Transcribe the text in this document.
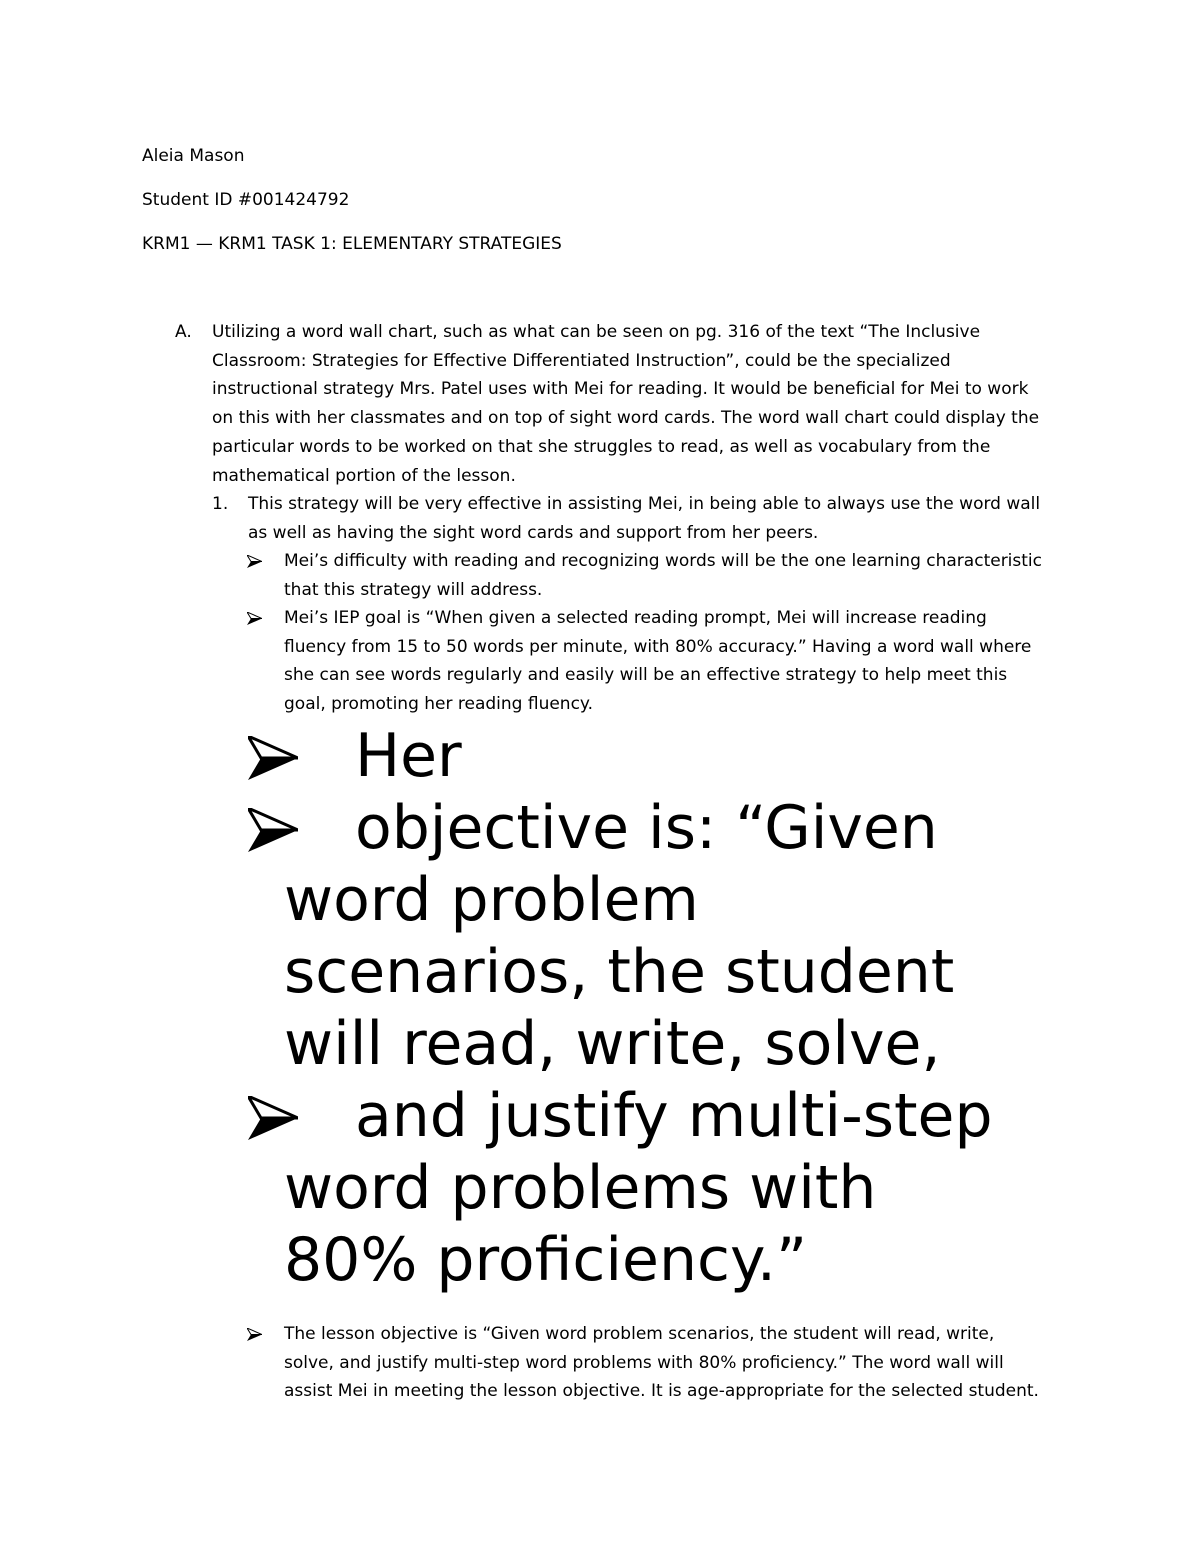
Aleia Mason
Student ID #001424792
KRM1 — KRM1 TASK 1: ELEMENTARY STRATEGIES
A. Utilizing a word wall chart, such as what can be seen on pg. 316 of the text “The Inclusive
Classroom: Strategies for Effective Differentiated Instruction”, could be the specialized
instructional strategy Mrs. Patel uses with Mei for reading. It would be beneficial for Mei to work
on this with her classmates and on top of sight word cards. The word wall chart could display the
particular words to be worked on that she struggles to read, as well as vocabulary from the
mathematical portion of the lesson.
1. This strategy will be very effective in assisting Mei, in being able to always use the word wall
as well as having the sight word cards and support from her peers.
Mei’s difficulty with reading and recognizing words will be the one learning characteristic
that this strategy will address.
Mei’s IEP goal is “When given a selected reading prompt, Mei will increase reading
fluency from 15 to 50 words per minute, with 80% accuracy.” Having a word wall where
she can see words regularly and easily will be an effective strategy to help meet this
goal, promoting her reading fluency.
Her
objective is: “Given
word problem
scenarios, the student
will read, write, solve,
and justify multi-step
word problems with
80% proficiency.”
The lesson objective is “Given word problem scenarios, the student will read, write,
solve, and justify multi-step word problems with 80% proficiency.” The word wall will
assist Mei in meeting the lesson objective. It is age-appropriate for the selected student.
